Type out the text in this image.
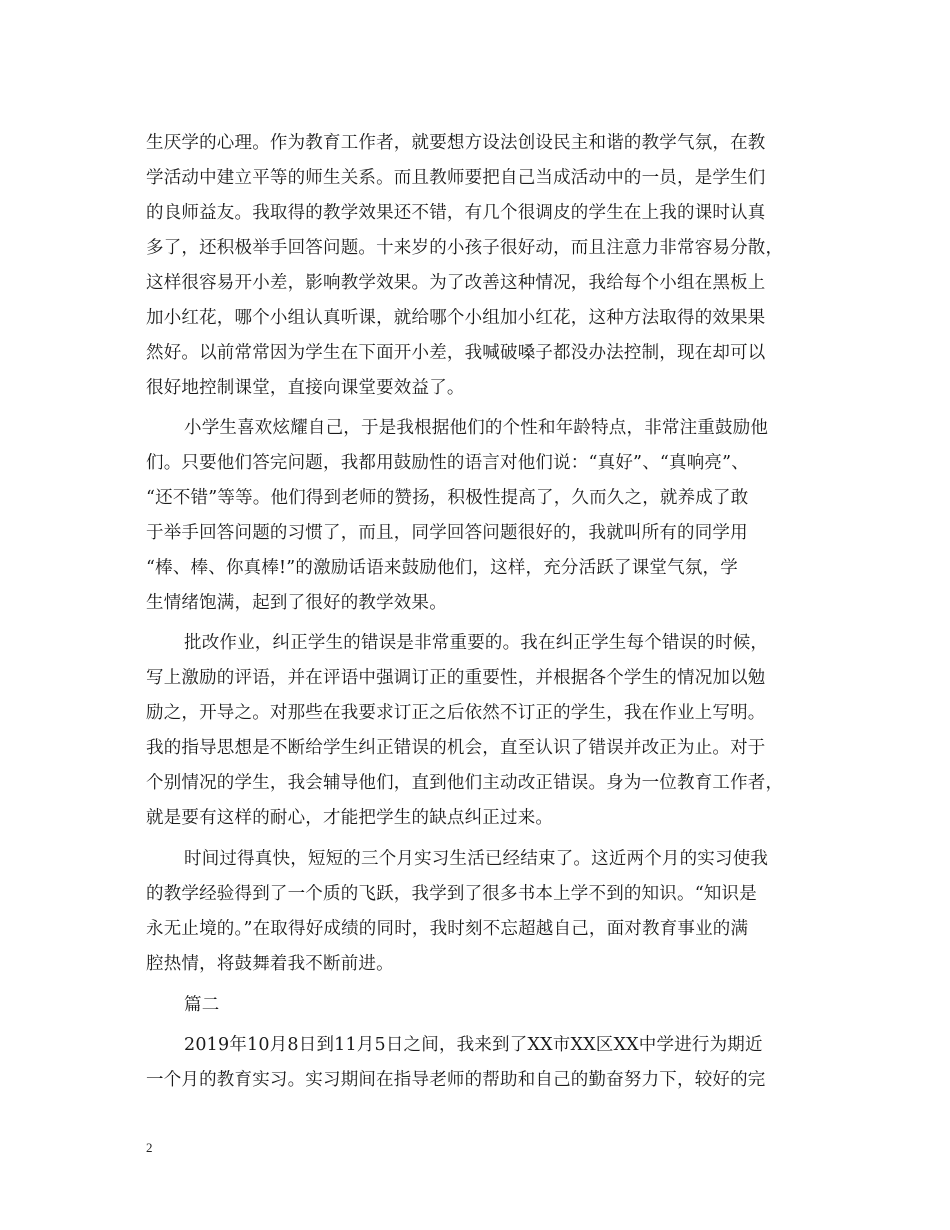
生厌学的心理。作为教育工作者，就要想方设法创设民主和谐的教学气氛，在教
学活动中建立平等的师生关系。而且教师要把自己当成活动中的一员，是学生们
的良师益友。我取得的教学效果还不错，有几个很调皮的学生在上我的课时认真
多了，还积极举手回答问题。十来岁的小孩子很好动，而且注意力非常容易分散，
这样很容易开小差，影响教学效果。为了改善这种情况，我给每个小组在黑板上
加小红花，哪个小组认真听课，就给哪个小组加小红花，这种方法取得的效果果
然好。以前常常因为学生在下面开小差，我喊破嗓子都没办法控制，现在却可以
很好地控制课堂，直接向课堂要效益了。
小学生喜欢炫耀自己，于是我根据他们的个性和年龄特点，非常注重鼓励他
们。只要他们答完问题，我都用鼓励性的语言对他们说：“真好”、“真响亮”、
“还不错”等等。他们得到老师的赞扬，积极性提高了，久而久之，就养成了敢
于举手回答问题的习惯了，而且，同学回答问题很好的，我就叫所有的同学用
“棒、棒、你真棒!”的激励话语来鼓励他们，这样，充分活跃了课堂气氛，学
生情绪饱满，起到了很好的教学效果。
批改作业，纠正学生的错误是非常重要的。我在纠正学生每个错误的时候，
写上激励的评语，并在评语中强调订正的重要性，并根据各个学生的情况加以勉
励之，开导之。对那些在我要求订正之后依然不订正的学生，我在作业上写明。
我的指导思想是不断给学生纠正错误的机会，直至认识了错误并改正为止。对于
个别情况的学生，我会辅导他们，直到他们主动改正错误。身为一位教育工作者，
就是要有这样的耐心，才能把学生的缺点纠正过来。
时间过得真快，短短的三个月实习生活已经结束了。这近两个月的实习使我
的教学经验得到了一个质的飞跃，我学到了很多书本上学不到的知识。“知识是
永无止境的。”在取得好成绩的同时，我时刻不忘超越自己，面对教育事业的满
腔热情，将鼓舞着我不断前进。
篇二
2019年10月8日到11月5日之间，我来到了XX市XX区XX中学进行为期近
一个月的教育实习。实习期间在指导老师的帮助和自己的勤奋努力下，较好的完
2
